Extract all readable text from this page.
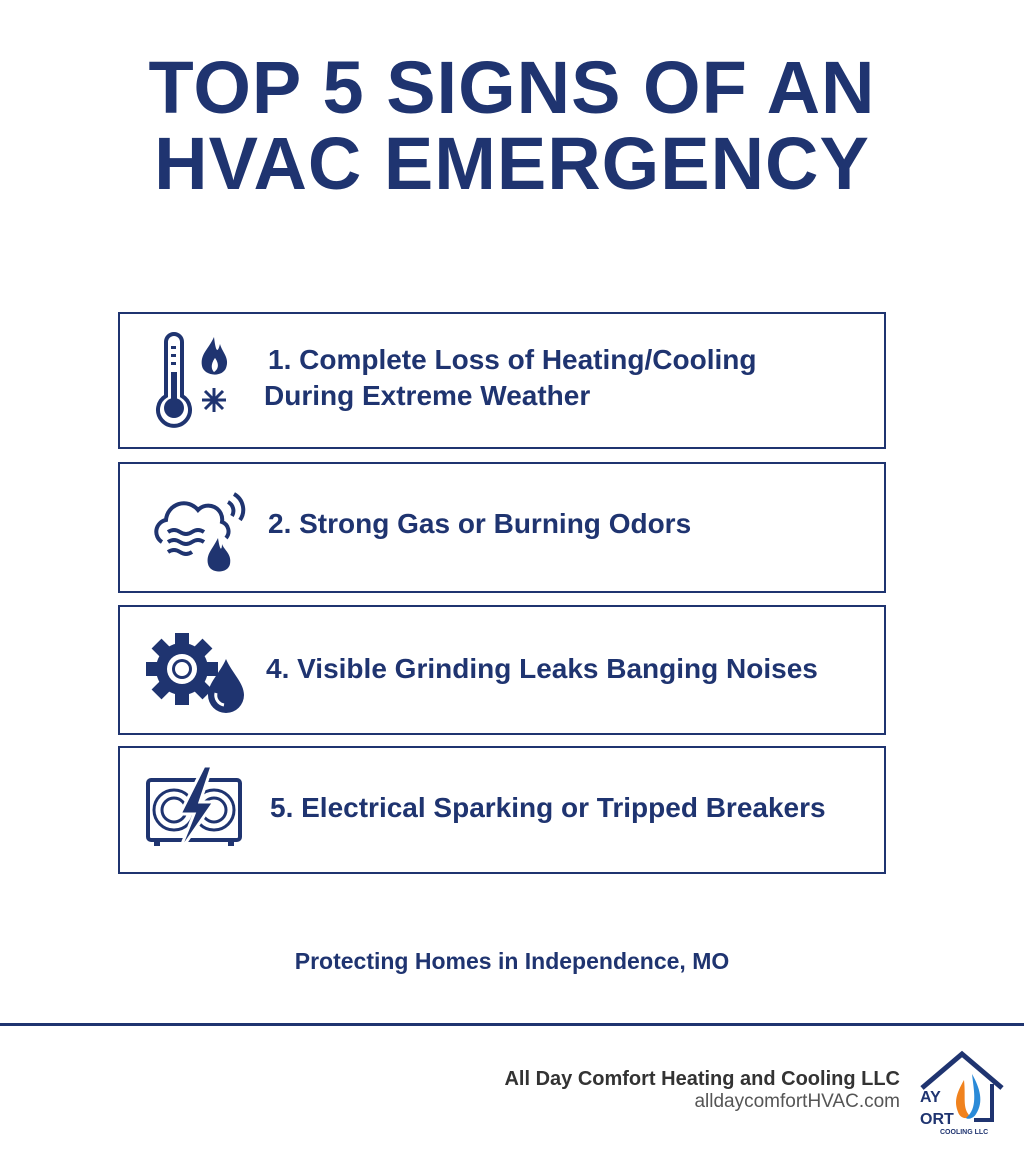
TOP 5 SIGNS OF AN
HVAC EMERGENCY
1. Complete Loss of Heating/Cooling
During Extreme Weather
2. Strong Gas or Burning Odors
4. Visible Grinding Leaks Banging Noises
5. Electrical Sparking or Tripped Breakers
Protecting Homes in Independence, MO
All Day Comfort Heating and Cooling LLC
alldaycomfortHVAC.com AY
ORT
COOLING LLC
